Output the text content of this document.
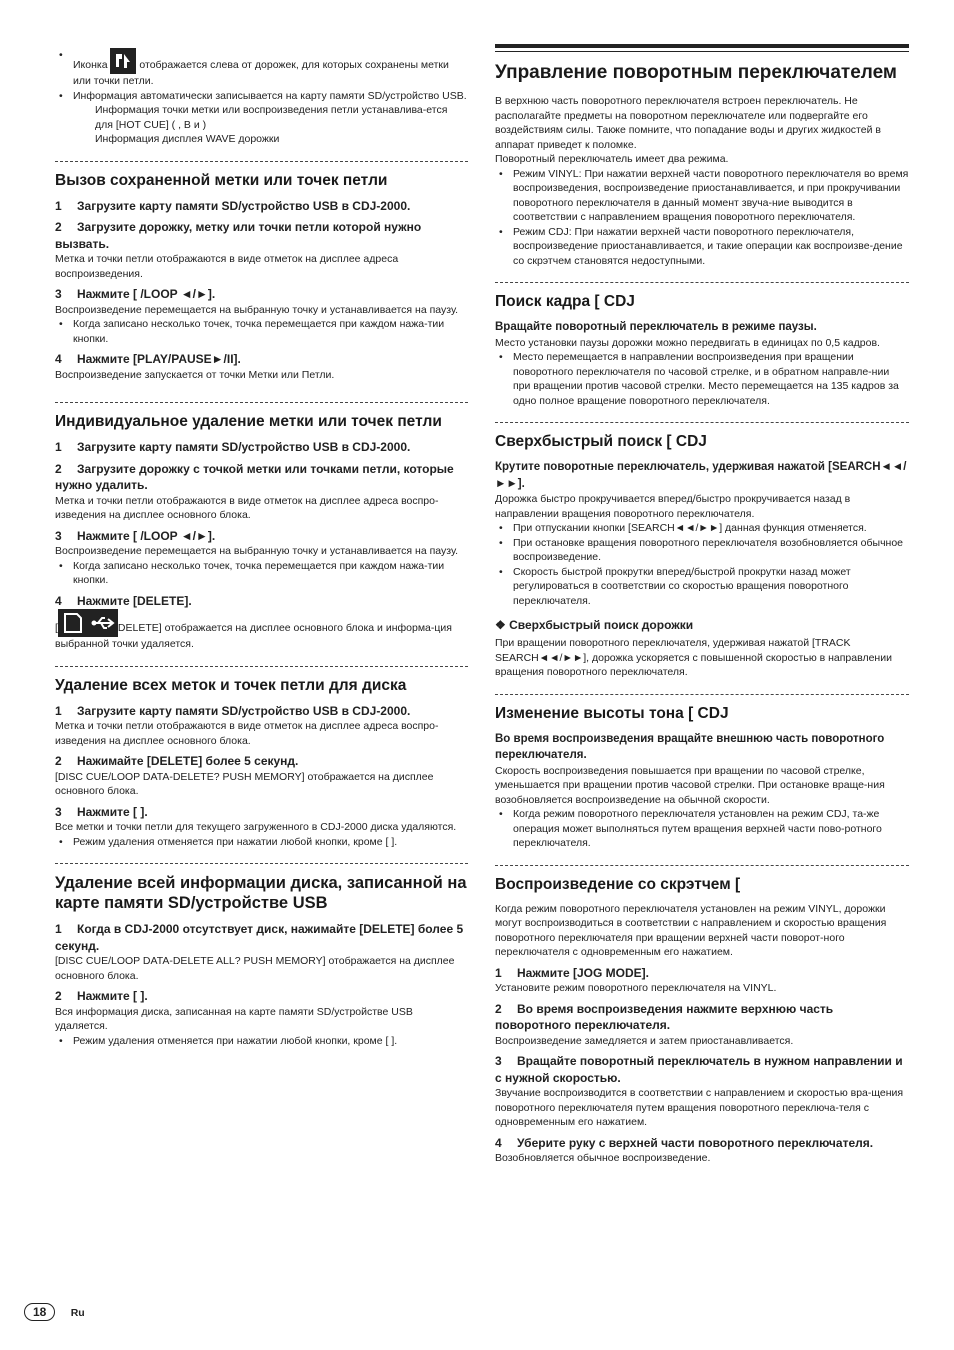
• Иконка	отображается слева от дорожек, для которых сохранены метки или точки петли.
• Информация автоматически записывается на карту памяти SD/устройство USB.
Информация точки метки или воспроизведения петли устанавлива-ется для [HOT CUE] ( , B и )
Информация дисплея WAVE дорожки
Вызов сохраненной метки или точек петли
1 Загрузите карту памяти SD/устройство USB в CDJ-2000.
2 Загрузите дорожку, метку или точки петли которой нужно вызвать.

Метка и точки петли отображаются в виде отметок на дисплее адреса воспроизведения.

3 Нажмите [ /LOOP ◄/►].

Воспроизведение перемещается на выбранную точку и устанавливается на паузу.

• Когда записано несколько точек, точка перемещается при каждом нажа-тии кнопки.
4 Нажмите [PLAY/PAUSE►/II].

Воспроизведение запускается от точки Метки или Петли.

Индивидуальное удаление метки или точек петли
1 Загрузите карту памяти SD/устройство USB в CDJ-2000.
2 Загрузите дорожку с точкой метки или точками петли, которые нужно удалить.

Метка и точки петли отображаются в виде отметок на дисплее адреса воспро-изведения на дисплее основного блока.

3 Нажмите [ /LOOP ◄/►].

Воспроизведение перемещается на выбранную точку и устанавливается на паузу.

• Когда записано несколько точек, точка перемещается при каждом нажа-тии кнопки.
4 Нажмите [DELETE].

[	DELETE] отображается на дисплее основного блока и информа-ция выбранной точки удаляется.

Удаление всех меток и точек петли для диска
1 Загрузите карту памяти SD/устройство USB в CDJ-2000.

Метка и точки петли отображаются в виде отметок на дисплее адреса воспро-изведения на дисплее основного блока.

2 Нажимайте [DELETE] более 5 секунд.

[DISC CUE/LOOP DATA-DELETE? PUSH MEMORY] отображается на дисплее основного блока.

3 Нажмите [ ].

Все метки и точки петли для текущего загруженного в CDJ-2000 диска удаляются.

• Режим удаления отменяется при нажатии любой кнопки, кроме [ ].
Удаление всей информации диска, записанной на карте памяти SD/устройстве USB
1 Когда в CDJ-2000 отсутствует диск, нажимайте [DELETE] более 5 секунд.

[DISC CUE/LOOP DATA-DELETE ALL? PUSH MEMORY] отображается на дисплее основного блока.

2 Нажмите [ ].

Вся информация диска, записанная на карте памяти SD/устройстве USB удаляется.

• Режим удаления отменяется при нажатии любой кнопки, кроме [ ].
Управление поворотным переключателем

В верхнюю часть поворотного переключателя встроен переключатель. Не располагайте предметы на поворотном переключателе или подвергайте его воздействиям силы. Также помните, что попадание воды и других жидкостей в аппарат приведет к поломке.

Поворотный переключатель имеет два режима.

• Режим VINYL: При нажатии верхней части поворотного переключателя во время воспроизведения, воспроизведение приостанавливается, и при прокручивании поворотного переключателя в данный момент звуча-ние выводится в соответствии с направлением вращения поворотного переключателя.
• Режим CDJ: При нажатии верхней части поворотного переключателя, воспроизведение приостанавливается, и такие операции как воспроизве-дение со скрэтчем становятся недоступными.
Поиск кадра [ CDJ
Вращайте поворотный переключатель в режиме паузы.

Место установки паузы дорожки можно передвигать в единицах по 0,5 кадров.

• Место перемещается в направлении воспроизведения при вращении поворотного переключателя по часовой стрелке, и в обратном направле-нии при вращении против часовой стрелки. Место перемещается на 135 кадров за одно полное вращение поворотного переключателя.
Сверхбыстрый поиск [ CDJ
Крутите поворотные переключатель, удерживая нажатой [SEARCH◄◄/►►].

Дорожка быстро прокручивается вперед/быстро прокручивается назад в направлении вращения поворотного переключателя.

• При отпускании кнопки [SEARCH◄◄/►►] данная функция отменяется.
• При остановке вращения поворотного переключателя возобновляется обычное воспроизведение.
• Скорость быстрой прокрутки вперед/быстрой прокрутки назад может регулироваться в соответствии со скоростью вращения поворотного переключателя.
❖ Сверхбыстрый поиск дорожки

При вращении поворотного переключателя, удерживая нажатой [TRACK SEARCH◄◄/►►], дорожка ускоряется с повышенной скоростью в направлении вращения поворотного переключателя.

Изменение высоты тона [ CDJ
Во время воспроизведения вращайте внешнюю часть поворотного переключателя.

Скорость воспроизведения повышается при вращении по часовой стрелке, уменьшается при вращении против часовой стрелки. При остановке враще-ния возобновляется воспроизведение на обычной скорости.

• Когда режим поворотного переключателя установлен на режим CDJ, та-же операция может выполняться путем вращения верхней части пово-ротного переключателя.
Воспроизведение со скрэтчем [

Когда режим поворотного переключателя установлен на режим VINYL, дорожки могут воспроизводиться в соответствии с направлением и скоростью вращения поворотного переключателя при вращении верхней части поворот-ного переключателя с одновременным его нажатием.

1 Нажмите [JOG MODE].

Установите режим поворотного переключателя на VINYL.

2 Во время воспроизведения нажмите верхнюю часть поворотного переключателя.

Воспроизведение замедляется и затем приостанавливается.

3 Вращайте поворотный переключатель в нужном направлении и с нужной скоростью.

Звучание воспроизводится в соответствии с направлением и скоростью вра-щения поворотного переключателя путем вращения поворотного переключа-теля с одновременным его нажатием.

4 Уберите руку с верхней части поворотного переключателя.

Возобновляется обычное воспроизведение.

18 Ru
